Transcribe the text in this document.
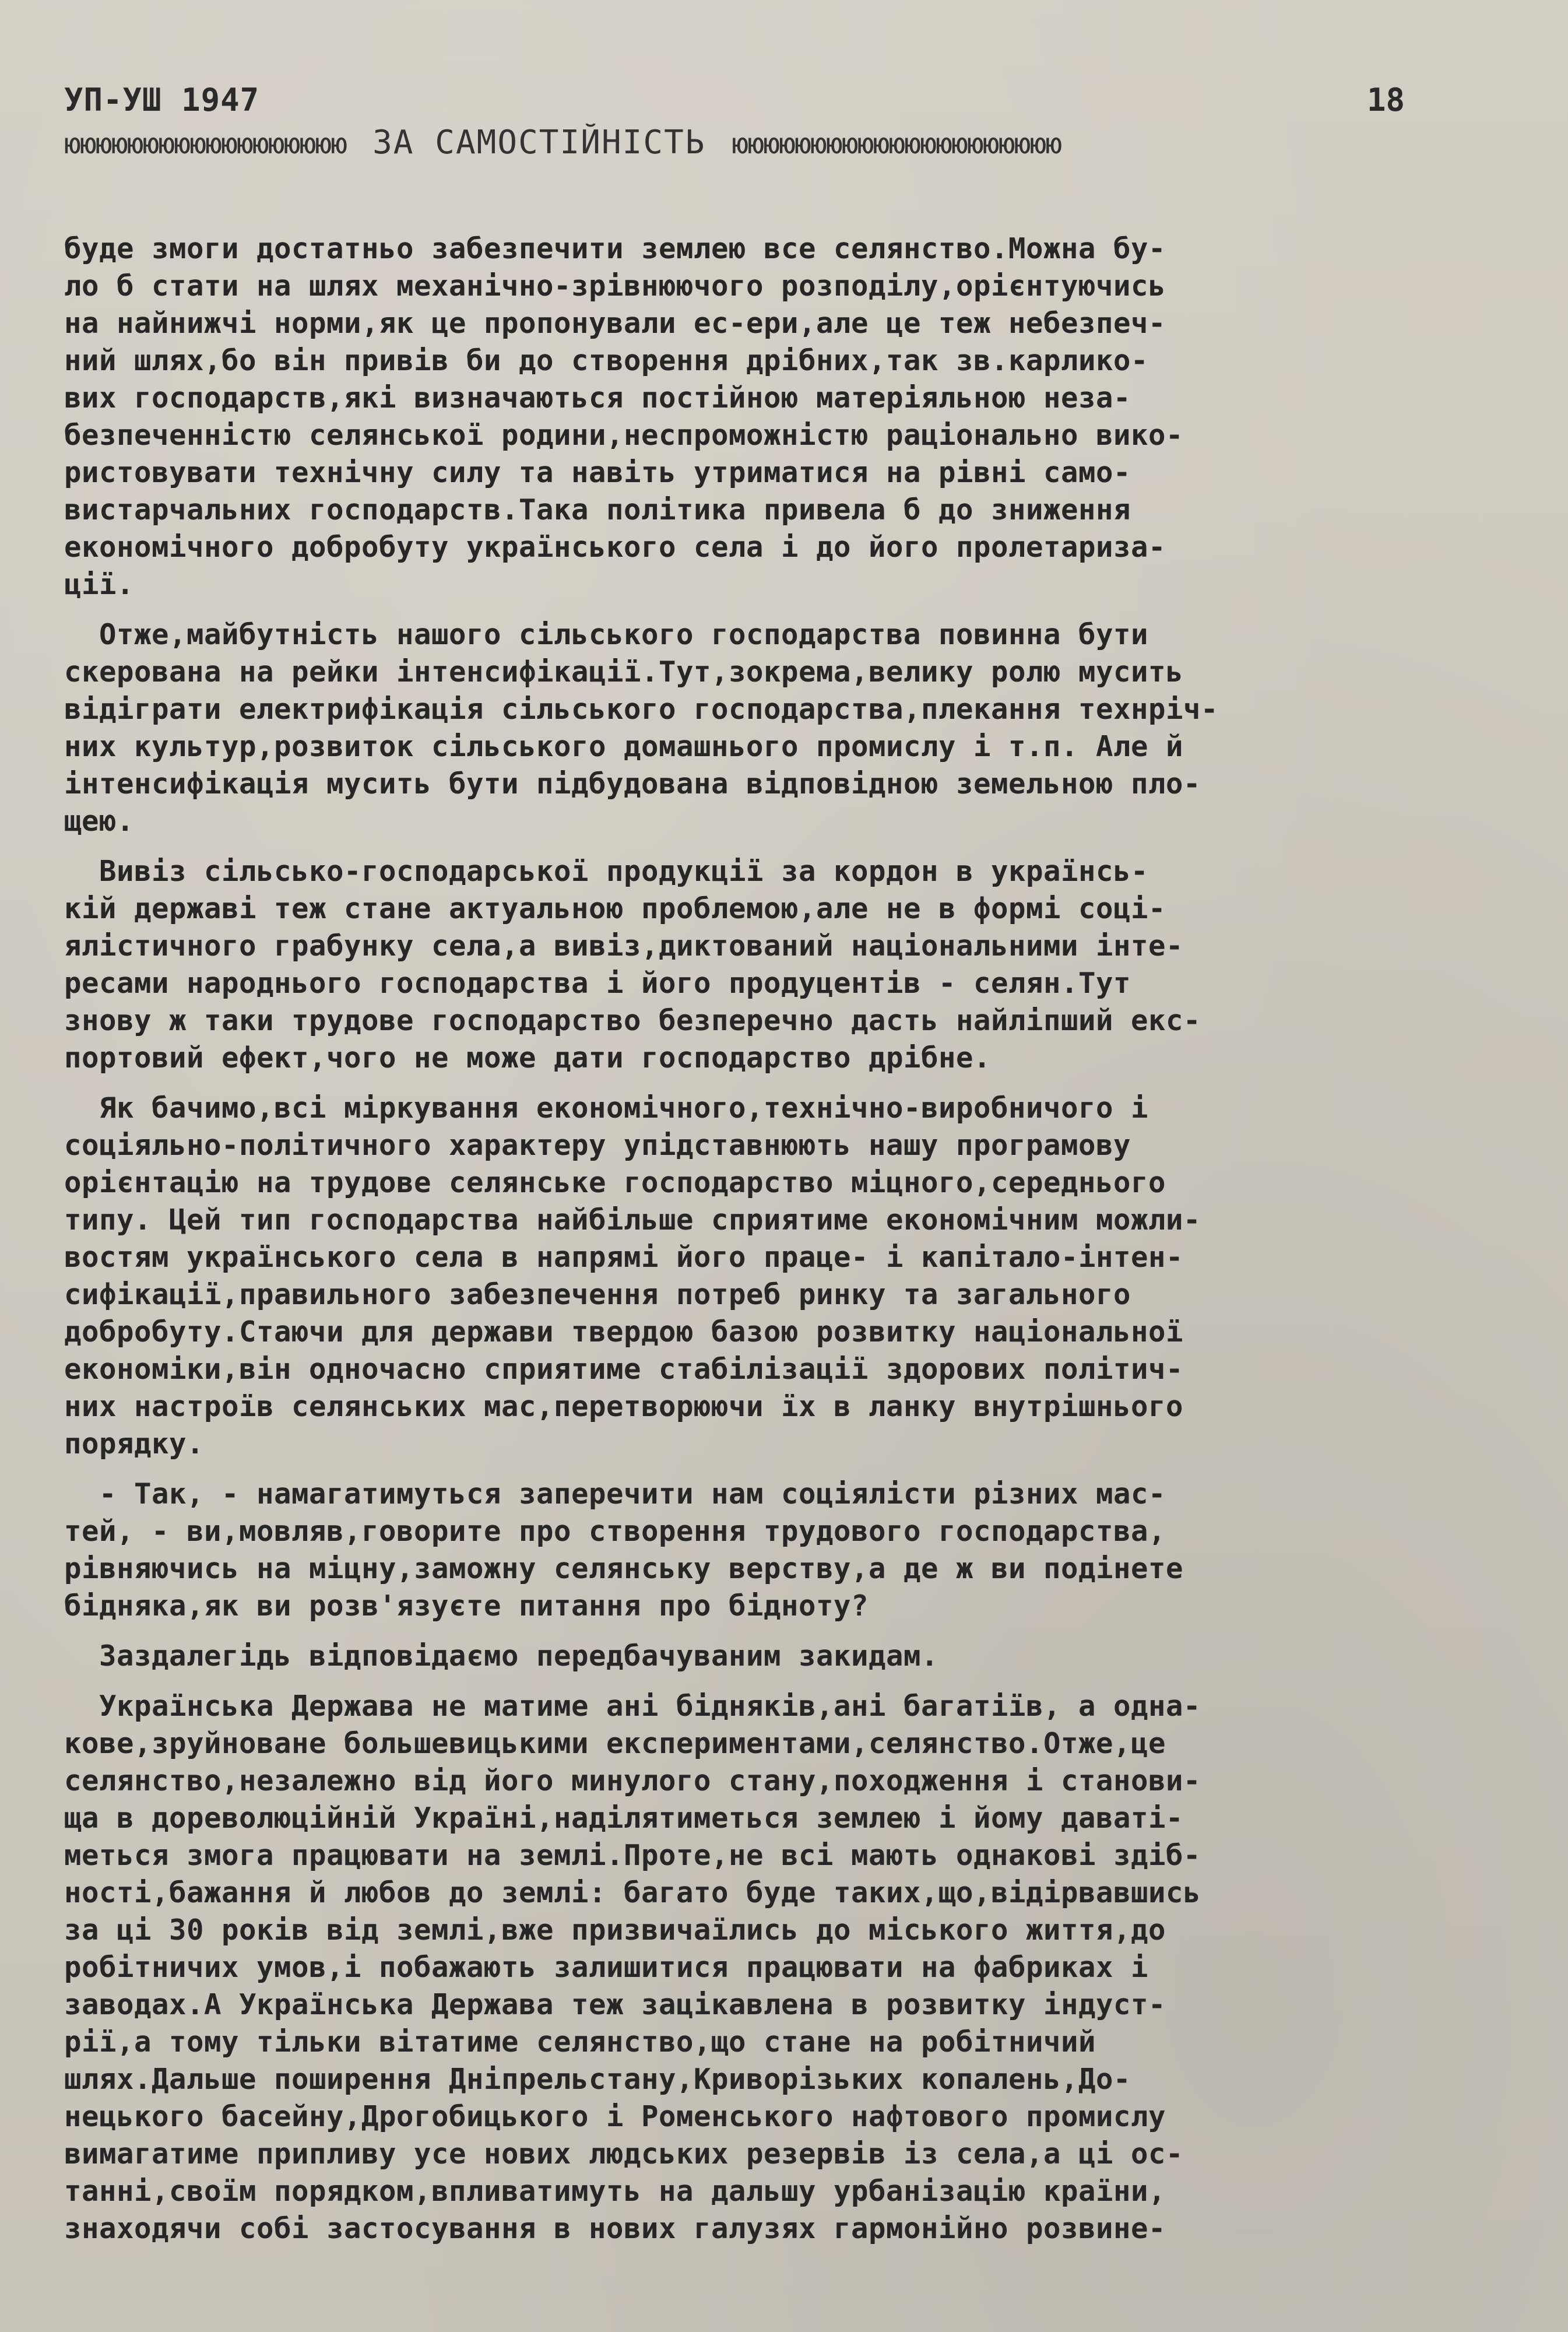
УП-УШ 1947	18
юююююююююююююююююю ЗА САМОСТІЙНІСТЬ ююююююююююююююююююююю
буде змоги достатньо забезпечити землею все селянство.Можна бу-
ло б стати на шлях механічно-зрівнюючого розподілу,орієнтуючись
на найнижчі норми,як це пропонували ес-ери,але це теж небезпеч-
ний шлях,бо він привів би до створення дрібних,так зв.карлико-
вих господарств,які визначаються постійною матеріяльною неза-
безпеченністю селянської родини,неспроможністю раціонально вико-
ристовувати технічну силу та навіть утриматися на рівні само-
вистарчальних господарств.Така політика привела б до зниження
економічного добробуту українського села і до його пролетаризa-
ції.
Отже,майбутність нашого сільського господарства повинна бути
скерована на рейки інтенсифікації.Тут,зокрема,велику ролю мусить
відіграти електрифікація сільського господарства,плекання технріч-
них культур,розвиток сільського домашнього промислу і т.п. Але й
інтенсифікація мусить бути підбудована відповідною земельною пло-
щею.
Вивіз сільсько-господарської продукції за кордон в українсь-
кій державі теж стане актуальною проблемою,але не в формі соці-
ялістичного грабунку села,а вивіз,диктований національними інте-
ресами народнього господарства і його продуцентів - селян.Тут
знову ж таки трудове господарство безперечно дасть найліпший екс-
портовий ефект,чого не може дати господарство дрібне.
Як бачимо,всі міркування економічного,технічно-виробничого і
соціяльно-політичного характеру упідставнюють нашу програмову
орієнтацію на трудове селянське господарство міцного,середнього
типу. Цей тип господарства найбільше сприятиме економічним можли-
востям українського села в напрямі його праце- і капітало-інтен-
сифікації,правильного забезпечення потреб ринку та загального
добробуту.Стаючи для держави твердою базою розвитку національної
економіки,він одночасно сприятиме стабілізації здорових політич-
них настроїв селянських мас,перетворюючи їх в ланку внутрішнього
порядку.
- Так, - намагатимуться заперечити нам соціялісти різних мас-
тей, - ви,мовляв,говорите про створення трудового господарства,
рівняючись на міцну,заможну селянську верству,а де ж ви подінете
бідняка,як ви розв'язуєте питання про бідноту?
Заздалегідь відповідаємо передбачуваним закидам.
Українська Держава не матиме ані бідняків,ані багатіїв, а одна-
кове,зруйноване большевицькими експериментами,селянство.Отже,це
селянство,незалежно від його минулого стану,походження і станови-
ща в дореволюційній Україні,наділятиметься землею і йому даваті-
меться змога працювати на землі.Проте,не всі мають однакові здіб-
ності,бажання й любов до землі: багато буде таких,що,відірвавшись
за ці 30 років від землі,вже призвичаїлись до міського життя,до
робітничих умов,і побажають залишитися працювати на фабриках і
заводах.А Українська Держава теж зацікавлена в розвитку індуст-
рії,а тому тільки вітатиме селянство,що стане на робітничий
шлях.Дальше поширення Дніпрельстану,Криворізьких копалень,До-
нецького басейну,Дрогобицького і Роменського нафтового промислу
вимагатиме припливу усе нових людських резервів із села,а ці ос-
танні,своїм порядком,впливатимуть на дальшу урбанізацію країни,
знаходячи собі застосування в нових галузях гармонійно розвине-
